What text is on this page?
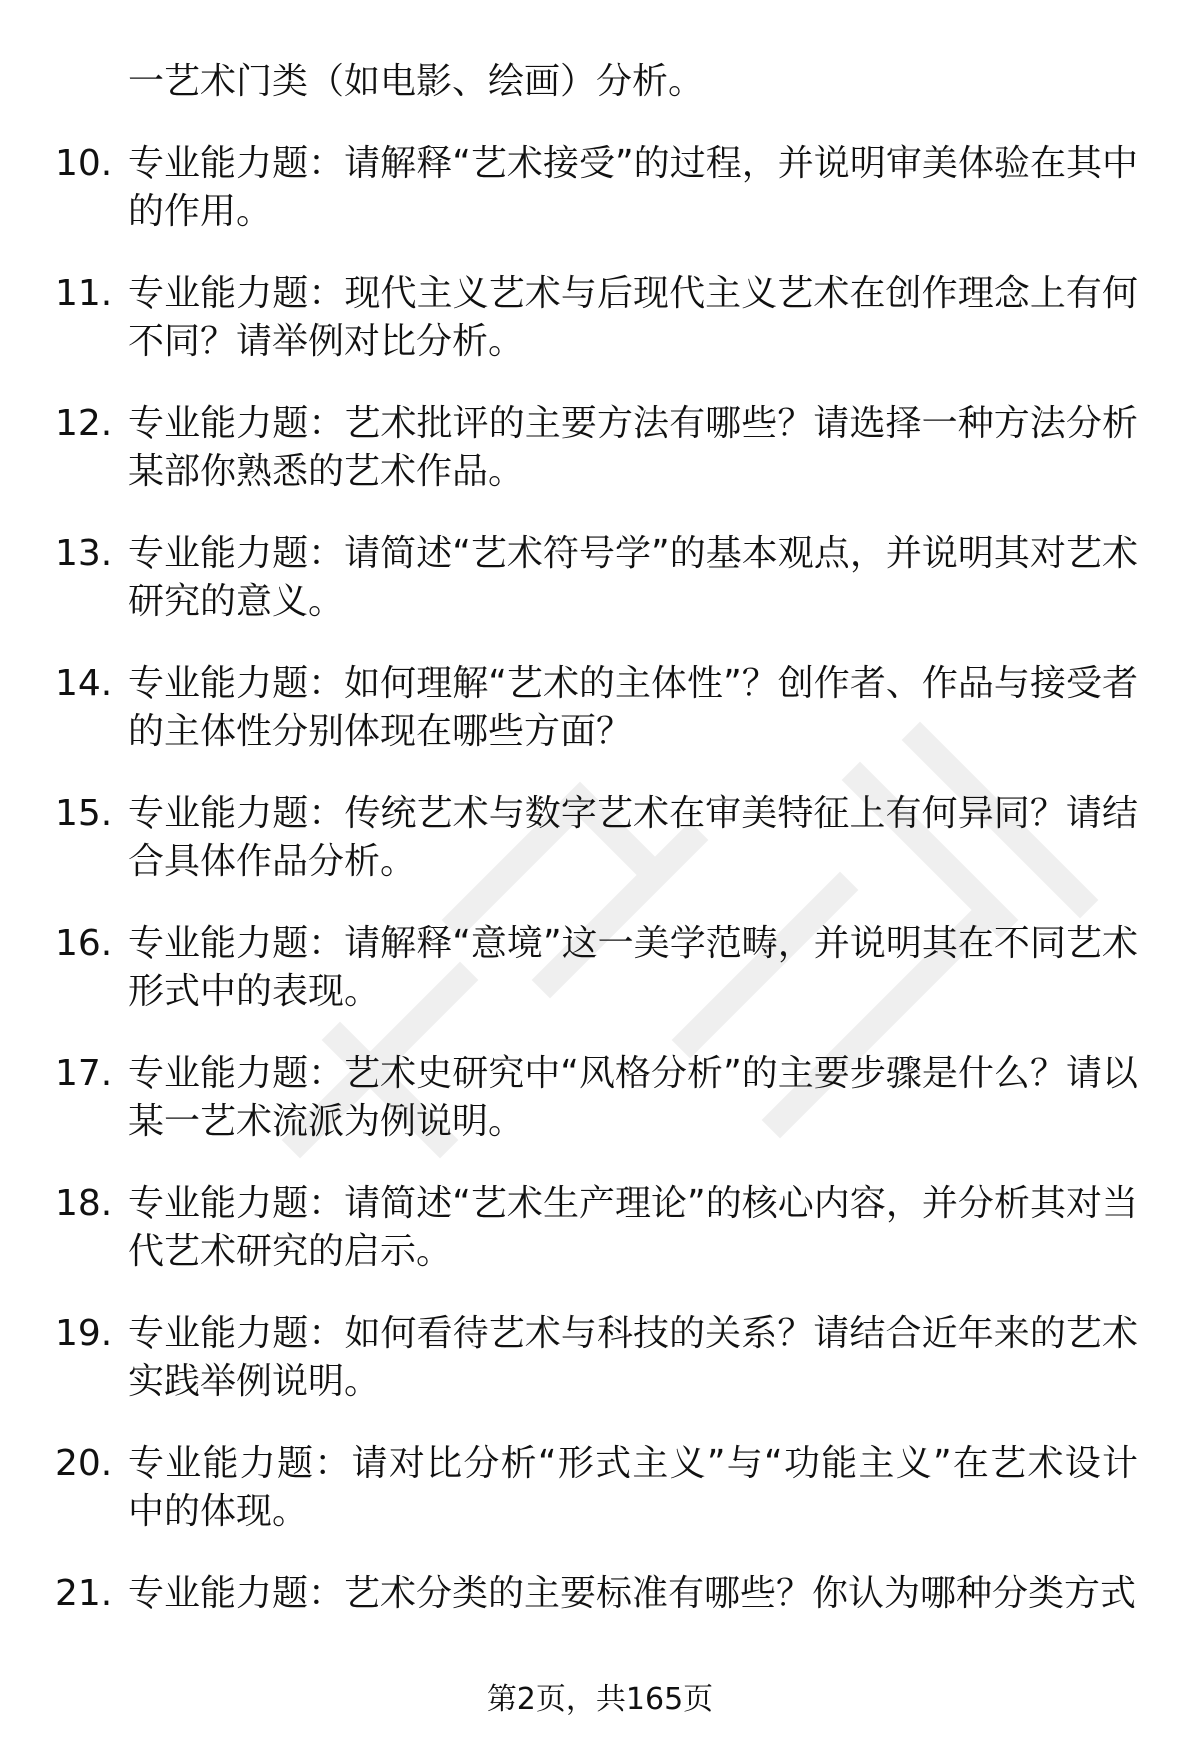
一艺术门类（如电影、绘画）分析。
10. 专业能力题：请解释“艺术接受”的过程，并说明审美体验在其中的作用。
11. 专业能力题：现代主义艺术与后现代主义艺术在创作理念上有何不同？请举例对比分析。
12. 专业能力题：艺术批评的主要方法有哪些？请选择一种方法分析某部你熟悉的艺术作品。
13. 专业能力题：请简述“艺术符号学”的基本观点，并说明其对艺术研究的意义。
14. 专业能力题：如何理解“艺术的主体性”？创作者、作品与接受者的主体性分别体现在哪些方面？
15. 专业能力题：传统艺术与数字艺术在审美特征上有何异同？请结合具体作品分析。
16. 专业能力题：请解释“意境”这一美学范畴，并说明其在不同艺术形式中的表现。
17. 专业能力题：艺术史研究中“风格分析”的主要步骤是什么？请以某一艺术流派为例说明。
18. 专业能力题：请简述“艺术生产理论”的核心内容，并分析其对当代艺术研究的启示。
19. 专业能力题：如何看待艺术与科技的关系？请结合近年来的艺术实践举例说明。
20. 专业能力题：请对比分析“形式主义”与“功能主义”在艺术设计中的体现。
21. 专业能力题：艺术分类的主要标准有哪些？你认为哪种分类方式
第2页，共165页
